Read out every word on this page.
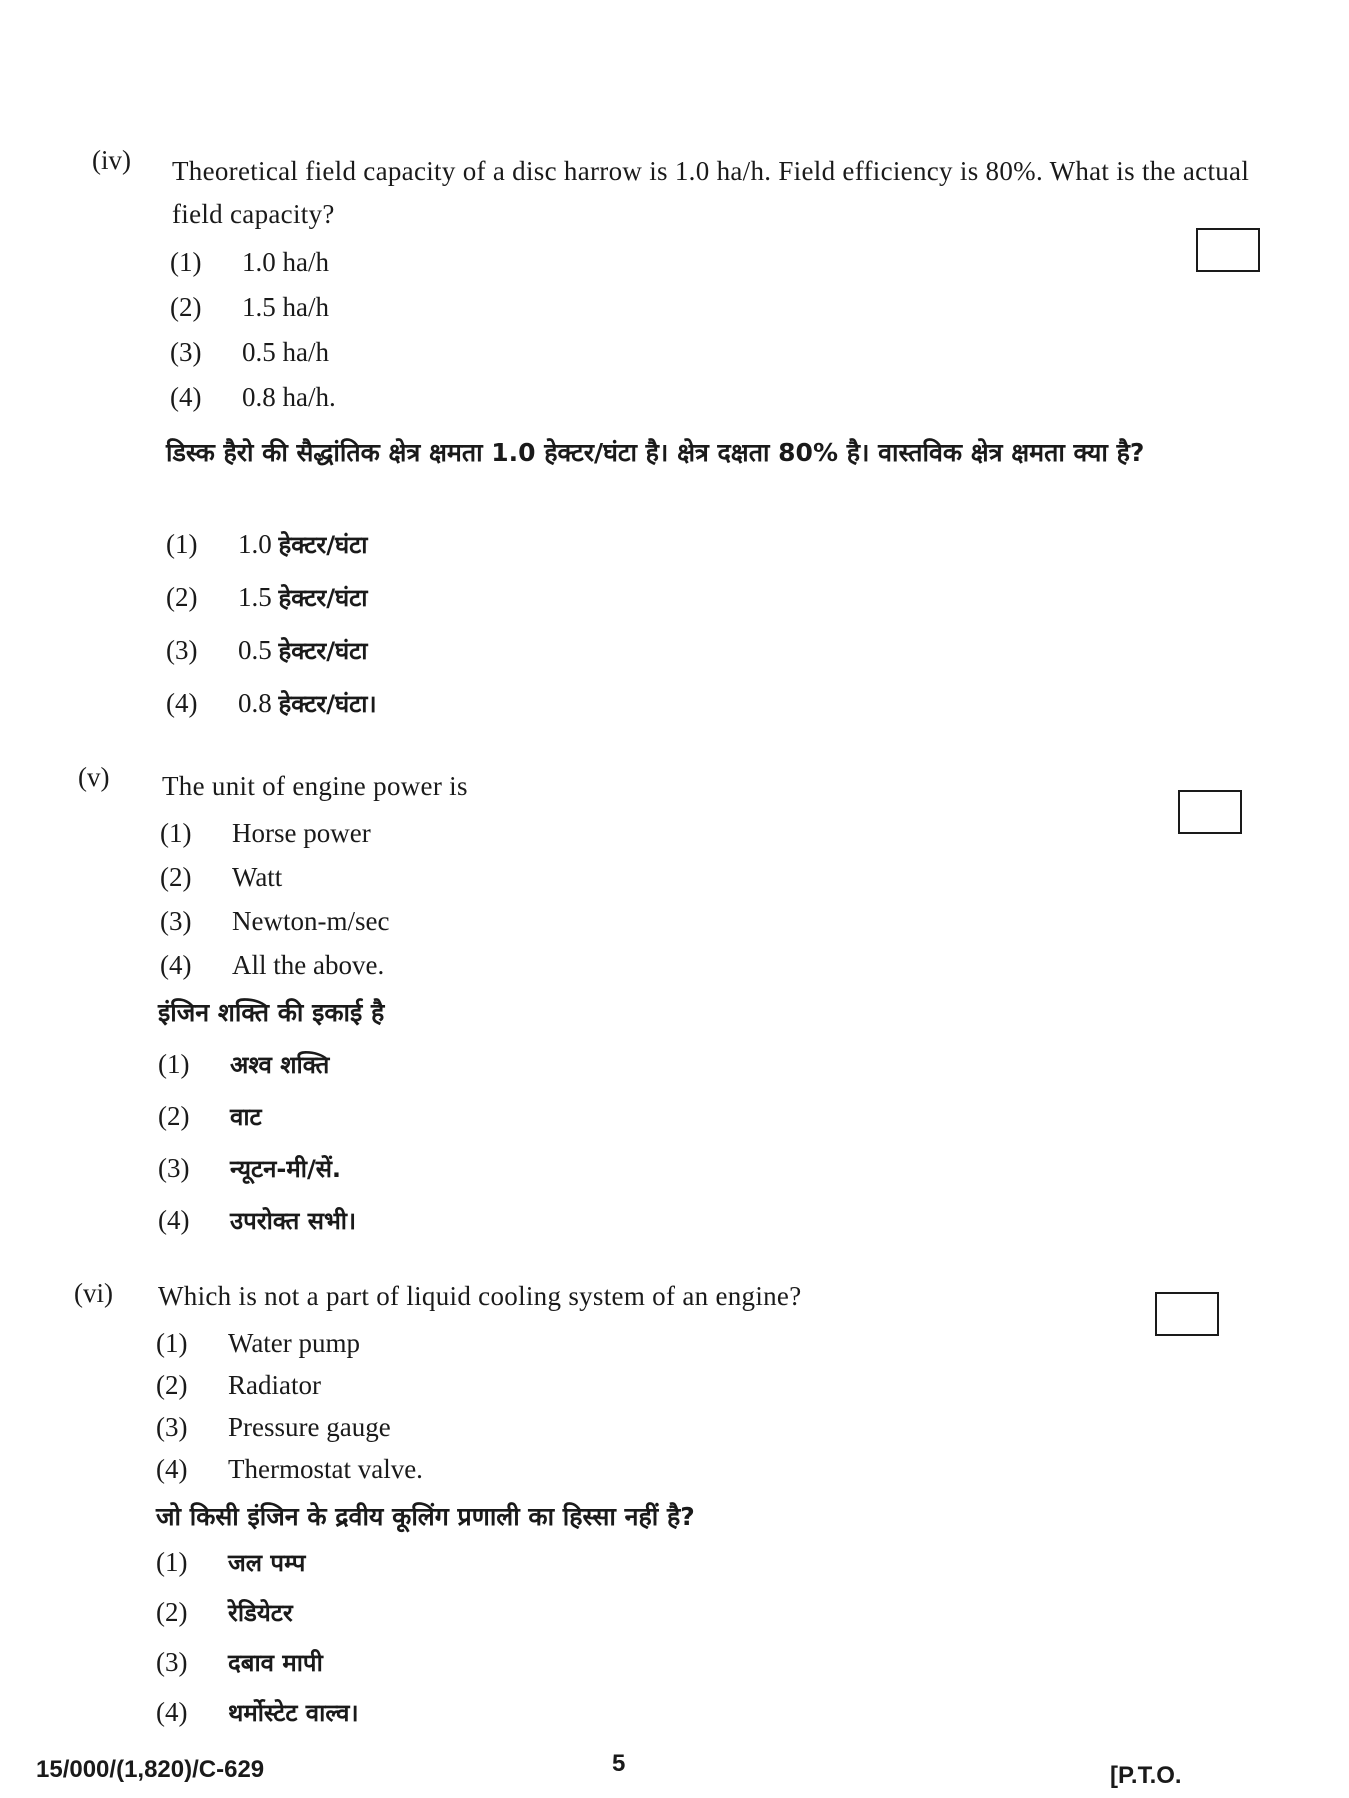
(iv) Theoretical field capacity of a disc harrow is 1.0 ha/h. Field efficiency is 80%. What is the actual field capacity?
(1) 1.0 ha/h
(2) 1.5 ha/h
(3) 0.5 ha/h
(4) 0.8 ha/h.
डिस्क हैरो की सैद्धांतिक क्षेत्र क्षमता 1.0 हेक्टर/घंटा है। क्षेत्र दक्षता 80% है। वास्तविक क्षेत्र क्षमता क्या है?
(1) 1.0 हेक्टर/घंटा
(2) 1.5 हेक्टर/घंटा
(3) 0.5 हेक्टर/घंटा
(4) 0.8 हेक्टर/घंटा।
(v) The unit of engine power is
(1) Horse power
(2) Watt
(3) Newton-m/sec
(4) All the above.
इंजिन शक्ति की इकाई है
(1) अश्व शक्ति
(2) वाट
(3) न्यूटन-मी/सें.
(4) उपरोक्त सभी।
(vi) Which is not a part of liquid cooling system of an engine?
(1) Water pump
(2) Radiator
(3) Pressure gauge
(4) Thermostat valve.
जो किसी इंजिन के द्रवीय कूलिंग प्रणाली का हिस्सा नहीं है?
(1) जल पम्प
(2) रेडियेटर
(3) दबाव मापी
(4) थर्मोस्टेट वाल्व।
15/000/(1,820)/C-629	5	[P.T.O.
